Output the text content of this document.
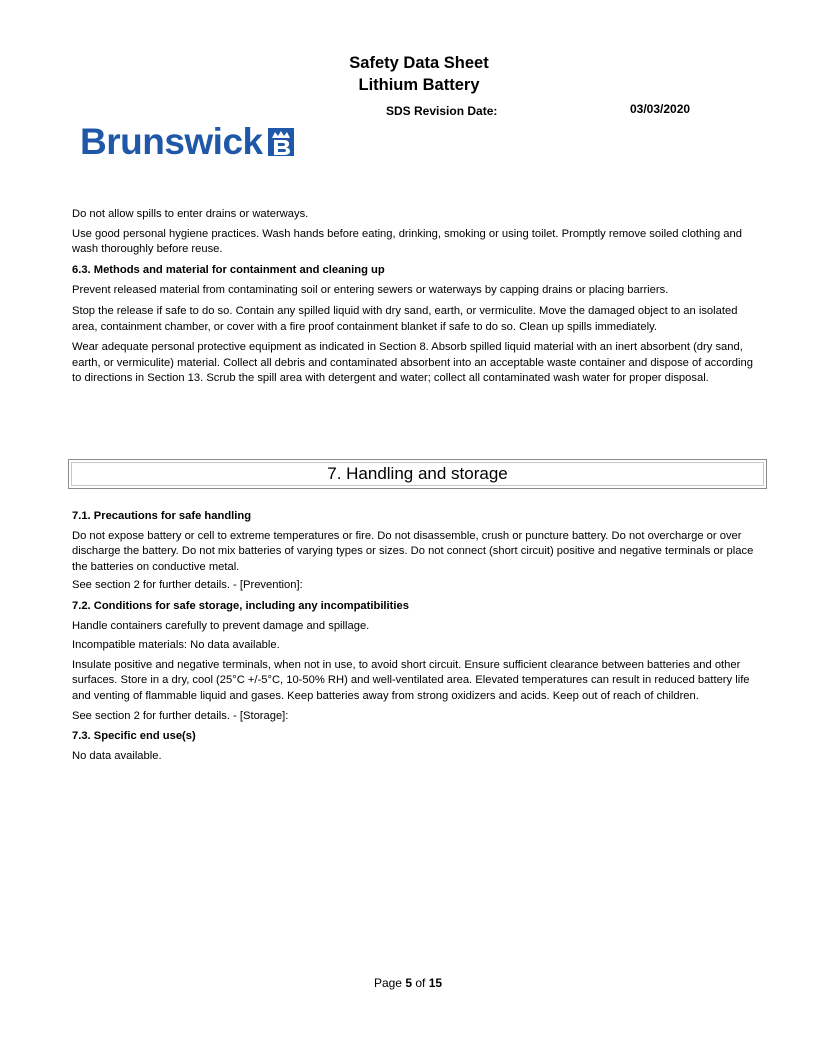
Safety Data Sheet
Lithium Battery
SDS Revision Date:	03/03/2020
Brunswick

Do not allow spills to enter drains or waterways.

Use good personal hygiene practices. Wash hands before eating, drinking, smoking or using toilet. Promptly remove soiled clothing and wash thoroughly before reuse.

6.3. Methods and material for containment and cleaning up

Prevent released material from contaminating soil or entering sewers or waterways by capping drains or placing barriers.

Stop the release if safe to do so. Contain any spilled liquid with dry sand, earth, or vermiculite. Move the damaged object to an isolated area, containment chamber, or cover with a fire proof containment blanket if safe to do so. Clean up spills immediately.

Wear adequate personal protective equipment as indicated in Section 8. Absorb spilled liquid material with an inert absorbent (dry sand, earth, or vermiculite) material. Collect all debris and contaminated absorbent into an acceptable waste container and dispose of according to directions in Section 13. Scrub the spill area with detergent and water; collect all contaminated wash water for proper disposal.

7. Handling and storage
7.1. Precautions for safe handling

Do not expose battery or cell to extreme temperatures or fire. Do not disassemble, crush or puncture battery. Do not overcharge or over discharge the battery. Do not mix batteries of varying types or sizes. Do not connect (short circuit) positive and negative terminals or place the batteries on conductive metal.

See section 2 for further details. - [Prevention]:

7.2. Conditions for safe storage, including any incompatibilities

Handle containers carefully to prevent damage and spillage.

Incompatible materials: No data available.

Insulate positive and negative terminals, when not in use, to avoid short circuit. Ensure sufficient clearance between batteries and other surfaces. Store in a dry, cool (25°C +/-5°C, 10-50% RH) and well-ventilated area. Elevated temperatures can result in reduced battery life and venting of flammable liquid and gases. Keep batteries away from strong oxidizers and acids. Keep out of reach of children.

See section 2 for further details. - [Storage]:

7.3. Specific end use(s)

No data available.

Page 5 of 15
